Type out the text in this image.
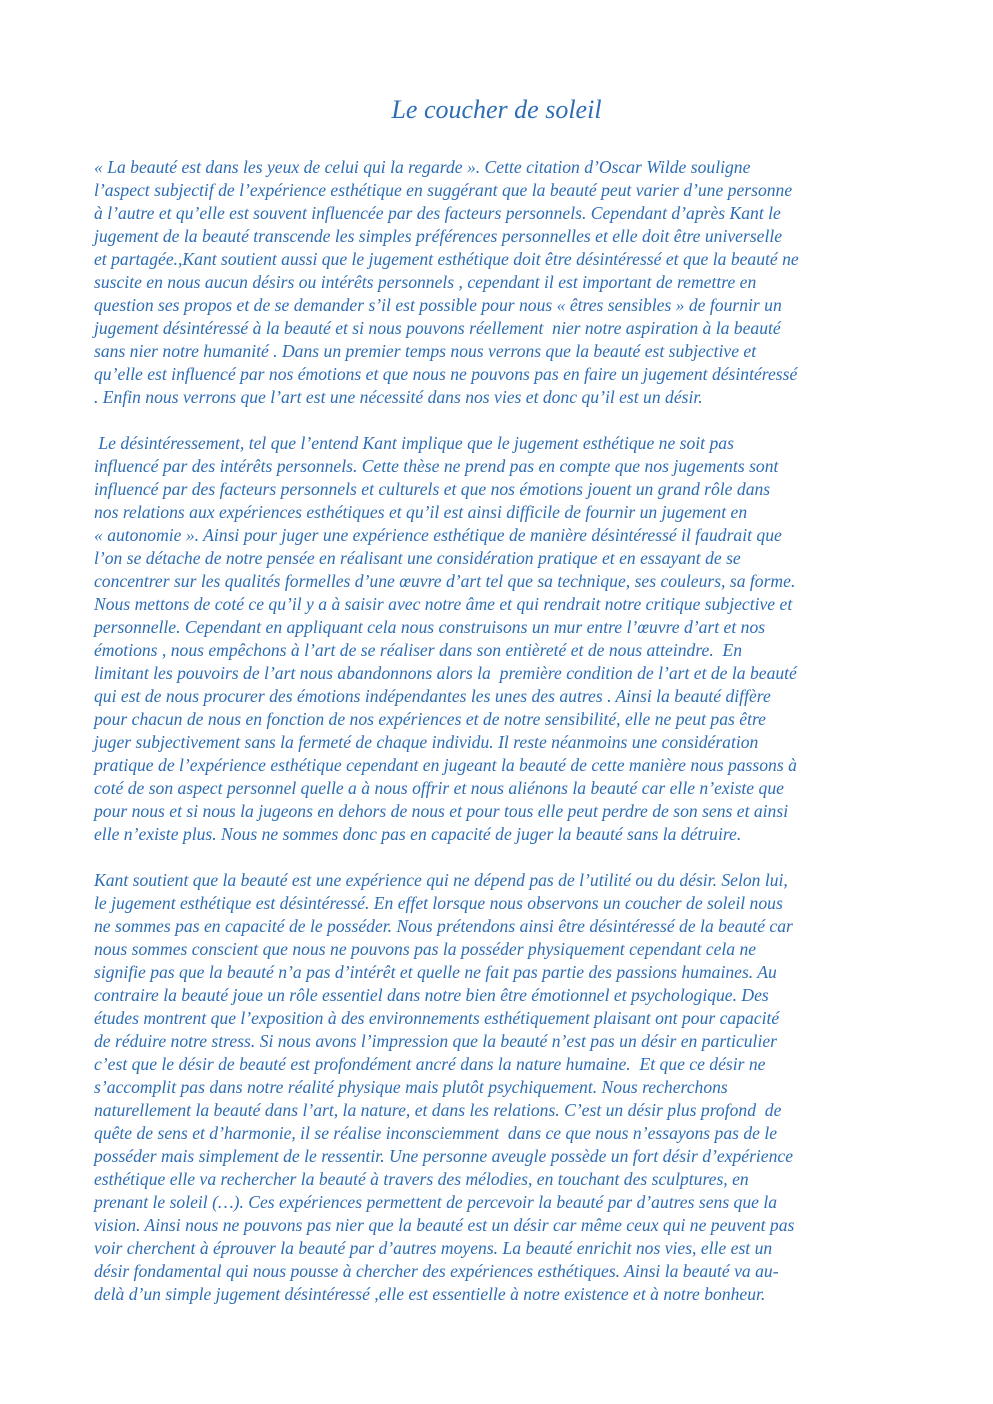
Le coucher de soleil
« La beauté est dans les yeux de celui qui la regarde ». Cette citation d’Oscar Wilde souligne
l’aspect subjectif de l’expérience esthétique en suggérant que la beauté peut varier d’une personne
à l’autre et qu’elle est souvent influencée par des facteurs personnels. Cependant d’après Kant le
jugement de la beauté transcende les simples préférences personnelles et elle doit être universelle
et partagée.,Kant soutient aussi que le jugement esthétique doit être désintéressé et que la beauté ne
suscite en nous aucun désirs ou intérêts personnels , cependant il est important de remettre en
question ses propos et de se demander s’il est possible pour nous « êtres sensibles » de fournir un
jugement désintéressé à la beauté et si nous pouvons réellement  nier notre aspiration à la beauté
sans nier notre humanité . Dans un premier temps nous verrons que la beauté est subjective et
qu’elle est influencé par nos émotions et que nous ne pouvons pas en faire un jugement désintéressé
. Enfin nous verrons que l’art est une nécessité dans nos vies et donc qu’il est un désir.
Le désintéressement, tel que l’entend Kant implique que le jugement esthétique ne soit pas
influencé par des intérêts personnels. Cette thèse ne prend pas en compte que nos jugements sont
influencé par des facteurs personnels et culturels et que nos émotions jouent un grand rôle dans
nos relations aux expériences esthétiques et qu’il est ainsi difficile de fournir un jugement en
« autonomie ». Ainsi pour juger une expérience esthétique de manière désintéressé il faudrait que
l’on se détache de notre pensée en réalisant une considération pratique et en essayant de se
concentrer sur les qualités formelles d’une œuvre d’art tel que sa technique, ses couleurs, sa forme.
Nous mettons de coté ce qu’il y a à saisir avec notre âme et qui rendrait notre critique subjective et
personnelle. Cependant en appliquant cela nous construisons un mur entre l’œuvre d’art et nos
émotions , nous empêchons à l’art de se réaliser dans son entièreté et de nous atteindre.  En
limitant les pouvoirs de l’art nous abandonnons alors la  première condition de l’art et de la beauté
qui est de nous procurer des émotions indépendantes les unes des autres . Ainsi la beauté diffère
pour chacun de nous en fonction de nos expériences et de notre sensibilité, elle ne peut pas être
juger subjectivement sans la fermeté de chaque individu. Il reste néanmoins une considération
pratique de l’expérience esthétique cependant en jugeant la beauté de cette manière nous passons à
coté de son aspect personnel quelle a à nous offrir et nous aliénons la beauté car elle n’existe que
pour nous et si nous la jugeons en dehors de nous et pour tous elle peut perdre de son sens et ainsi
elle n’existe plus. Nous ne sommes donc pas en capacité de juger la beauté sans la détruire.
Kant soutient que la beauté est une expérience qui ne dépend pas de l’utilité ou du désir. Selon lui,
le jugement esthétique est désintéressé. En effet lorsque nous observons un coucher de soleil nous
ne sommes pas en capacité de le posséder. Nous prétendons ainsi être désintéressé de la beauté car
nous sommes conscient que nous ne pouvons pas la posséder physiquement cependant cela ne
signifie pas que la beauté n’a pas d’intérêt et quelle ne fait pas partie des passions humaines. Au
contraire la beauté joue un rôle essentiel dans notre bien être émotionnel et psychologique. Des
études montrent que l’exposition à des environnements esthétiquement plaisant ont pour capacité
de réduire notre stress. Si nous avons l’impression que la beauté n’est pas un désir en particulier
c’est que le désir de beauté est profondément ancré dans la nature humaine.  Et que ce désir ne
s’accomplit pas dans notre réalité physique mais plutôt psychiquement. Nous recherchons
naturellement la beauté dans l’art, la nature, et dans les relations. C’est un désir plus profond  de
quête de sens et d’harmonie, il se réalise inconsciemment  dans ce que nous n’essayons pas de le
posséder mais simplement de le ressentir. Une personne aveugle possède un fort désir d’expérience
esthétique elle va rechercher la beauté à travers des mélodies, en touchant des sculptures, en
prenant le soleil (…). Ces expériences permettent de percevoir la beauté par d’autres sens que la
vision. Ainsi nous ne pouvons pas nier que la beauté est un désir car même ceux qui ne peuvent pas
voir cherchent à éprouver la beauté par d’autres moyens. La beauté enrichit nos vies, elle est un
désir fondamental qui nous pousse à chercher des expériences esthétiques. Ainsi la beauté va au-
delà d’un simple jugement désintéressé ,elle est essentielle à notre existence et à notre bonheur.
